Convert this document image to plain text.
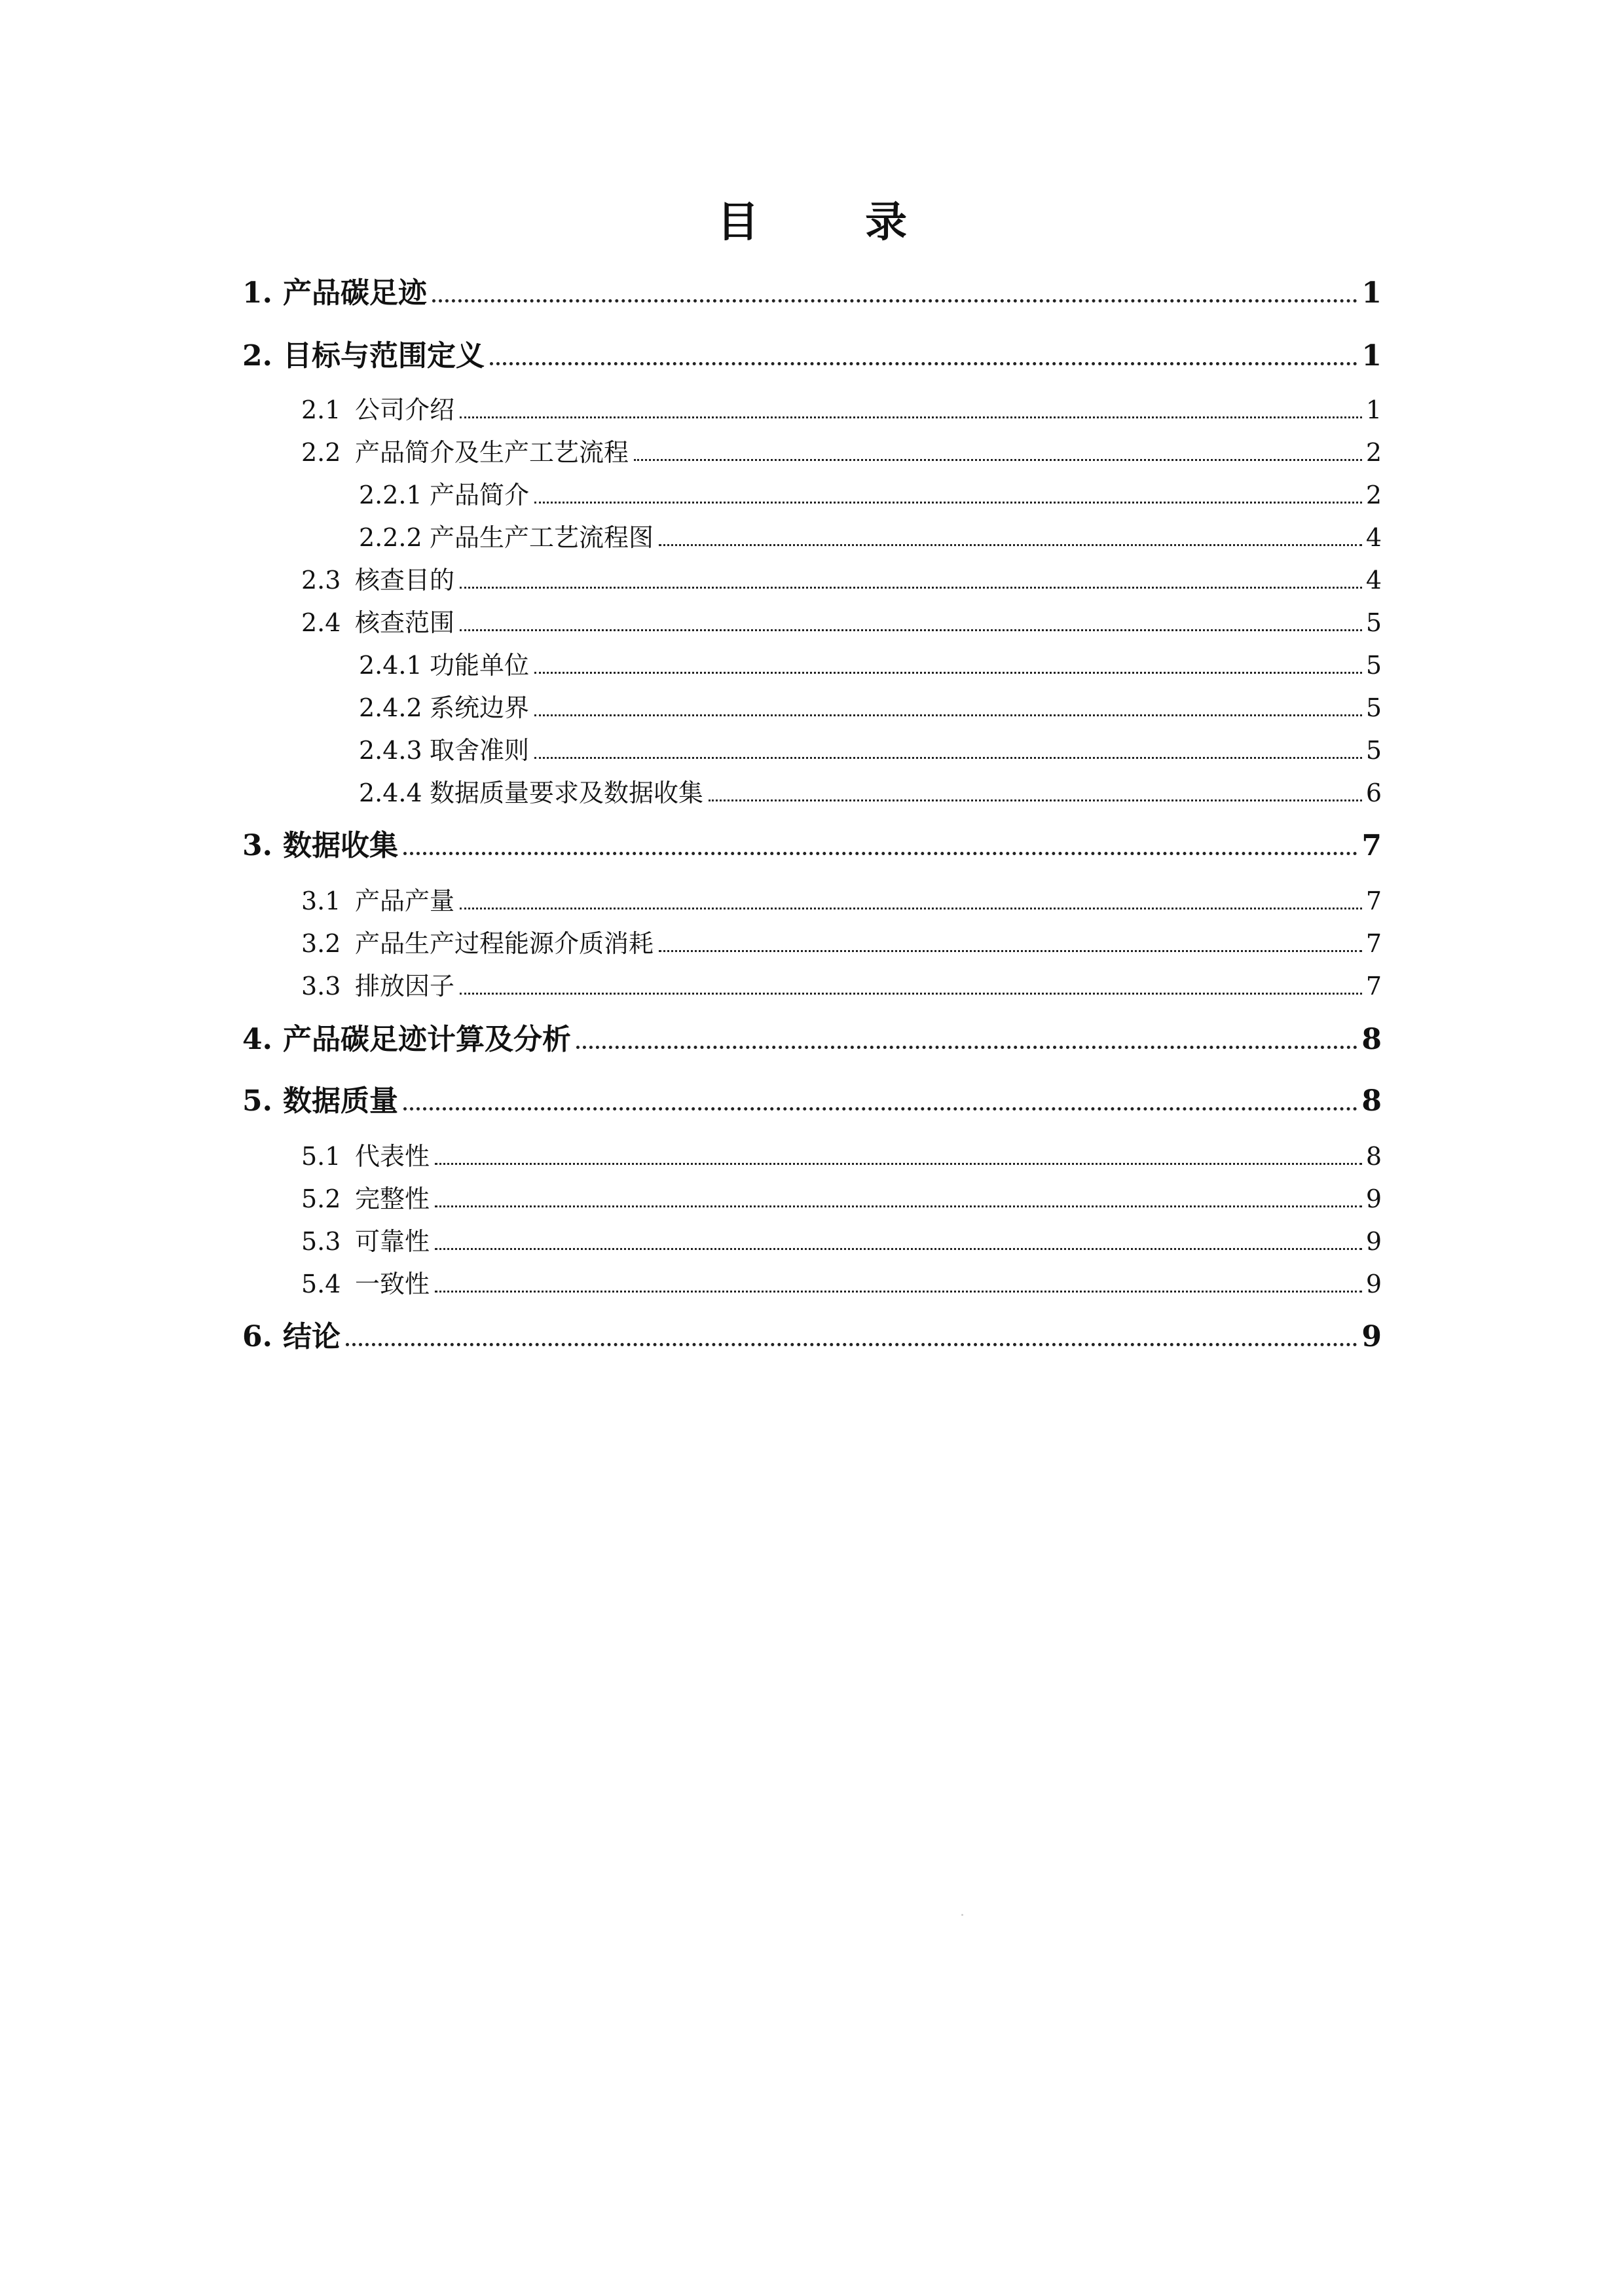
目 录
1. 产品碳足迹	1
2. 目标与范围定义	1
2.1 公司介绍	1
2.2 产品简介及生产工艺流程	2
2.2.1 产品简介	2
2.2.2 产品生产工艺流程图	4
2.3 核查目的	4
2.4 核查范围	5
2.4.1 功能单位	5
2.4.2 系统边界	5
2.4.3 取舍准则	5
2.4.4 数据质量要求及数据收集	6
3. 数据收集	7
3.1 产品产量	7
3.2 产品生产过程能源介质消耗	7
3.3 排放因子	7
4. 产品碳足迹计算及分析	8
5. 数据质量	8
5.1 代表性	8
5.2 完整性	9
5.3 可靠性	9
5.4 一致性	9
6. 结论	9
